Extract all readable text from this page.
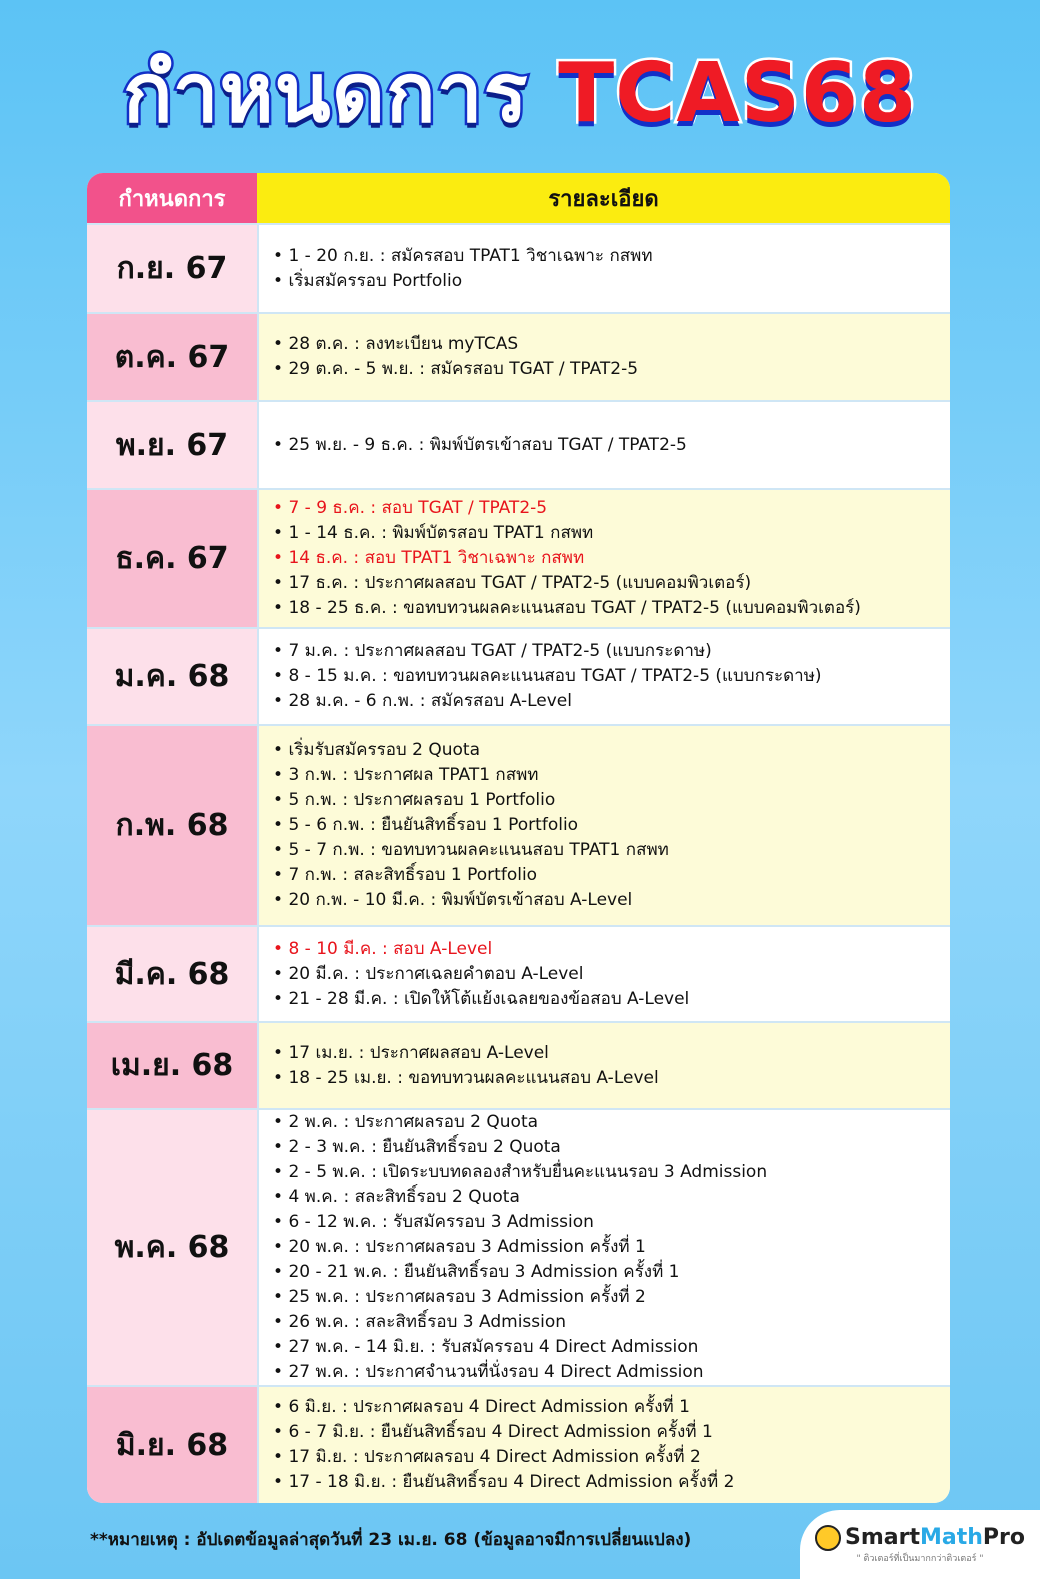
กำหนดการ TCAS68
กำหนดการ	รายละเอียด
ก.ย. 67	• 1 - 20 ก.ย. : สมัครสอบ TPAT1 วิชาเฉพาะ กสพท
• เริ่มสมัครรอบ Portfolio
ต.ค. 67	• 28 ต.ค. : ลงทะเบียน myTCAS
• 29 ต.ค. - 5 พ.ย. : สมัครสอบ TGAT / TPAT2-5
พ.ย. 67	• 25 พ.ย. - 9 ธ.ค. : พิมพ์บัตรเข้าสอบ TGAT / TPAT2-5
ธ.ค. 67
• 7 - 9 ธ.ค. : สอบ TGAT / TPAT2-5
• 1 - 14 ธ.ค. : พิมพ์บัตรสอบ TPAT1 กสพท
• 14 ธ.ค. : สอบ TPAT1 วิชาเฉพาะ กสพท
• 17 ธ.ค. : ประกาศผลสอบ TGAT / TPAT2-5 (แบบคอมพิวเตอร์)
• 18 - 25 ธ.ค. : ขอทบทวนผลคะแนนสอบ TGAT / TPAT2-5 (แบบคอมพิวเตอร์)
ม.ค. 68
• 7 ม.ค. : ประกาศผลสอบ TGAT / TPAT2-5 (แบบกระดาษ)
• 8 - 15 ม.ค. : ขอทบทวนผลคะแนนสอบ TGAT / TPAT2-5 (แบบกระดาษ)
• 28 ม.ค. - 6 ก.พ. : สมัครสอบ A-Level
ก.พ. 68
• เริ่มรับสมัครรอบ 2 Quota
• 3 ก.พ. : ประกาศผล TPAT1 กสพท
• 5 ก.พ. : ประกาศผลรอบ 1 Portfolio
• 5 - 6 ก.พ. : ยืนยันสิทธิ์รอบ 1 Portfolio
• 5 - 7 ก.พ. : ขอทบทวนผลคะแนนสอบ TPAT1 กสพท
• 7 ก.พ. : สละสิทธิ์รอบ 1 Portfolio
• 20 ก.พ. - 10 มี.ค. : พิมพ์บัตรเข้าสอบ A-Level
มี.ค. 68
• 8 - 10 มี.ค. : สอบ A-Level
• 20 มี.ค. : ประกาศเฉลยคำตอบ A-Level
• 21 - 28 มี.ค. : เปิดให้โต้แย้งเฉลยของข้อสอบ A-Level
เม.ย. 68	• 17 เม.ย. : ประกาศผลสอบ A-Level
• 18 - 25 เม.ย. : ขอทบทวนผลคะแนนสอบ A-Level
พ.ค. 68
• 2 พ.ค. : ประกาศผลรอบ 2 Quota
• 2 - 3 พ.ค. : ยืนยันสิทธิ์รอบ 2 Quota
• 2 - 5 พ.ค. : เปิดระบบทดลองสำหรับยื่นคะแนนรอบ 3 Admission
• 4 พ.ค. : สละสิทธิ์รอบ 2 Quota
• 6 - 12 พ.ค. : รับสมัครรอบ 3 Admission
• 20 พ.ค. : ประกาศผลรอบ 3 Admission ครั้งที่ 1
• 20 - 21 พ.ค. : ยืนยันสิทธิ์รอบ 3 Admission ครั้งที่ 1
• 25 พ.ค. : ประกาศผลรอบ 3 Admission ครั้งที่ 2
• 26 พ.ค. : สละสิทธิ์รอบ 3 Admission
• 27 พ.ค. - 14 มิ.ย. : รับสมัครรอบ 4 Direct Admission
• 27 พ.ค. : ประกาศจำนวนที่นั่งรอบ 4 Direct Admission
มิ.ย. 68
• 6 มิ.ย. : ประกาศผลรอบ 4 Direct Admission ครั้งที่ 1
• 6 - 7 มิ.ย. : ยืนยันสิทธิ์รอบ 4 Direct Admission ครั้งที่ 1
• 17 มิ.ย. : ประกาศผลรอบ 4 Direct Admission ครั้งที่ 2
• 17 - 18 มิ.ย. : ยืนยันสิทธิ์รอบ 4 Direct Admission ครั้งที่ 2
**หมายเหตุ : อัปเดตข้อมูลล่าสุดวันที่ 23 เม.ย. 68 (ข้อมูลอาจมีการเปลี่ยนแปลง)	SmartMathPro
" ติวเตอร์ที่เป็นมากกว่าติวเตอร์ "
